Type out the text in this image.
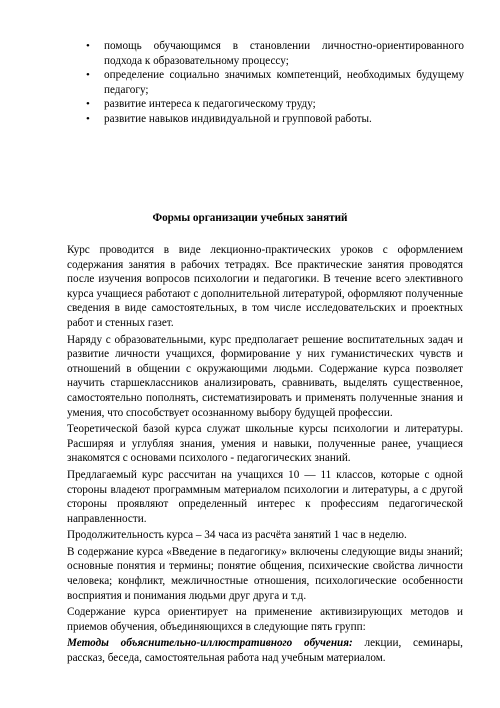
• помощь обучающимся в становлении личностно-ориентированного подхода к образовательному процессу;
• определение социально значимых компетенций, необходимых будущему педагогу;
• развитие интереса к педагогическому труду;
• развитие навыков индивидуальной и групповой работы.
Формы организации учебных занятий

Курс проводится в виде лекционно-практических уроков с оформлением содержания занятия в рабочих тетрадях. Все практические занятия проводятся после изучения вопросов психологии и педагогики. В течение всего элективного курса учащиеся работают с дополнительной литературой, оформляют полученные сведения в виде самостоятельных, в том числе исследовательских и проектных работ и стенных газет.

Наряду с образовательными, курс предполагает решение воспитательных задач и развитие личности учащихся, формирование у них гуманистических чувств и отношений в общении с окружающими людьми. Содержание курса позволяет научить старшеклассников анализировать, сравнивать, выделять существенное, самостоятельно пополнять, систематизировать и применять полученные знания и умения, что способствует осознанному выбору будущей профессии.

Теоретической базой курса служат школьные курсы психологии и литературы. Расширяя и углубляя знания, умения и навыки, полученные ранее, учащиеся знакомятся с основами психолого - педагогических знаний.

Предлагаемый курс рассчитан на учащихся 10 — 11 классов, которые с одной стороны владеют программным материалом психологии и литературы, а с другой стороны проявляют определенный интерес к профессиям педагогической направленности.

Продолжительность курса – 34 часа из расчёта занятий 1 час в неделю.

В содержание курса «Введение в педагогику» включены следующие виды знаний; основные понятия и термины; понятие общения, психические свойства личности человека; конфликт, межличностные отношения, психологические особенности восприятия и понимания людьми друг друга и т.д.

Содержание курса ориентирует на применение активизирующих методов и приемов обучения, объединяющихся в следующие пять групп:

Методы объяснительно-иллюстративного обучения: лекции, семинары, рассказ, беседа, самостоятельная работа над учебным материалом.
